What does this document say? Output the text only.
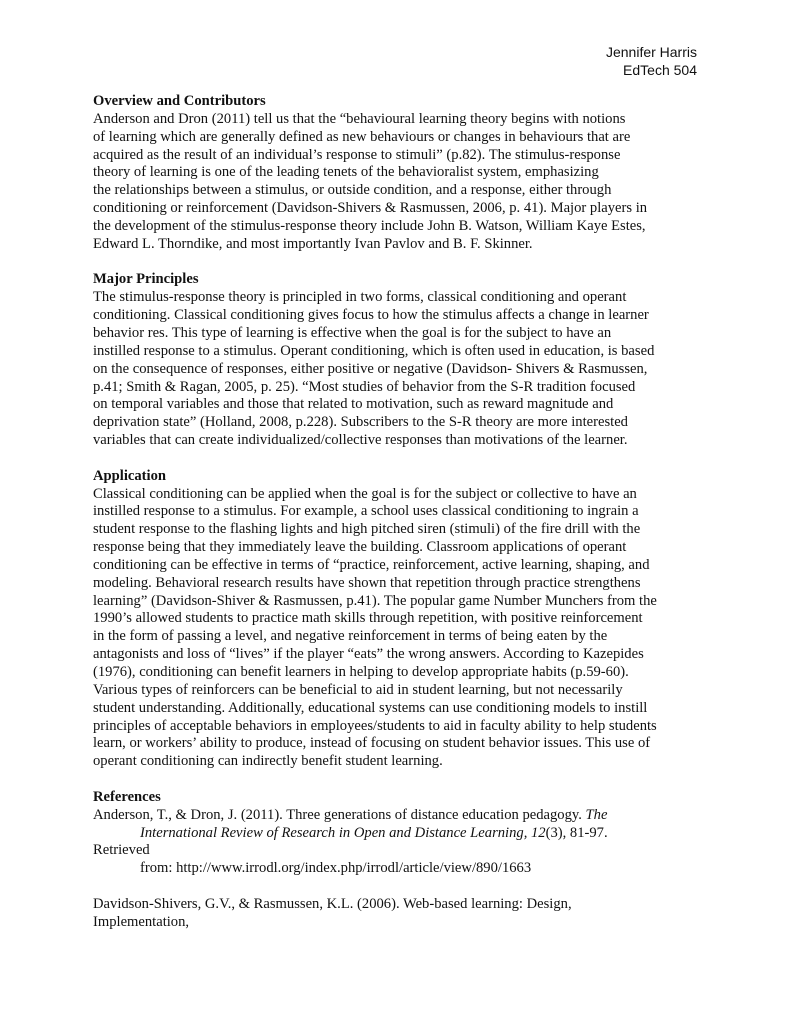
Jennifer Harris
EdTech 504
Overview and Contributors
Anderson and Dron (2011) tell us that the “behavioural learning theory begins with notions
of learning which are generally defined as new behaviours or changes in behaviours that are
acquired as the result of an individual’s response to stimuli” (p.82). The stimulus-response
theory of learning is one of the leading tenets of the behavioralist system, emphasizing
the relationships between a stimulus, or outside condition, and a response, either through
conditioning or reinforcement (Davidson-Shivers & Rasmussen, 2006, p. 41). Major players in
the development of the stimulus-response theory include John B. Watson, William Kaye Estes,
Edward L. Thorndike, and most importantly Ivan Pavlov and B. F. Skinner.
Major Principles
The stimulus-response theory is principled in two forms, classical conditioning and operant
conditioning. Classical conditioning gives focus to how the stimulus affects a change in learner
behavior res. This type of learning is effective when the goal is for the subject to have an
instilled response to a stimulus. Operant conditioning, which is often used in education, is based
on the consequence of responses, either positive or negative (Davidson- Shivers & Rasmussen,
p.41; Smith & Ragan, 2005, p. 25). “Most studies of behavior from the S-R tradition focused
on temporal variables and those that related to motivation, such as reward magnitude and
deprivation state” (Holland, 2008, p.228). Subscribers to the S-R theory are more interested
variables that can create individualized/collective responses than motivations of the learner.
Application
Classical conditioning can be applied when the goal is for the subject or collective to have an
instilled response to a stimulus. For example, a school uses classical conditioning to ingrain a
student response to the flashing lights and high pitched siren (stimuli) of the fire drill with the
response being that they immediately leave the building. Classroom applications of operant
conditioning can be effective in terms of “practice, reinforcement, active learning, shaping, and
modeling. Behavioral research results have shown that repetition through practice strengthens
learning” (Davidson-Shiver & Rasmussen, p.41). The popular game Number Munchers from the
1990’s allowed students to practice math skills through repetition, with positive reinforcement
in the form of passing a level, and negative reinforcement in terms of being eaten by the
antagonists and loss of “lives” if the player “eats” the wrong answers. According to Kazepides
(1976), conditioning can benefit learners in helping to develop appropriate habits (p.59-60).
Various types of reinforcers can be beneficial to aid in student learning, but not necessarily
student understanding. Additionally, educational systems can use conditioning models to instill
principles of acceptable behaviors in employees/students to aid in faculty ability to help students
learn, or workers’ ability to produce, instead of focusing on student behavior issues. This use of
operant conditioning can indirectly benefit student learning.
References
Anderson, T., & Dron, J. (2011). Three generations of distance education pedagogy. The
International Review of Research in Open and Distance Learning, 12(3), 81-97.
Retrieved
from: http://www.irrodl.org/index.php/irrodl/article/view/890/1663

Davidson-Shivers, G.V., & Rasmussen, K.L. (2006). Web-based learning: Design,
Implementation,
